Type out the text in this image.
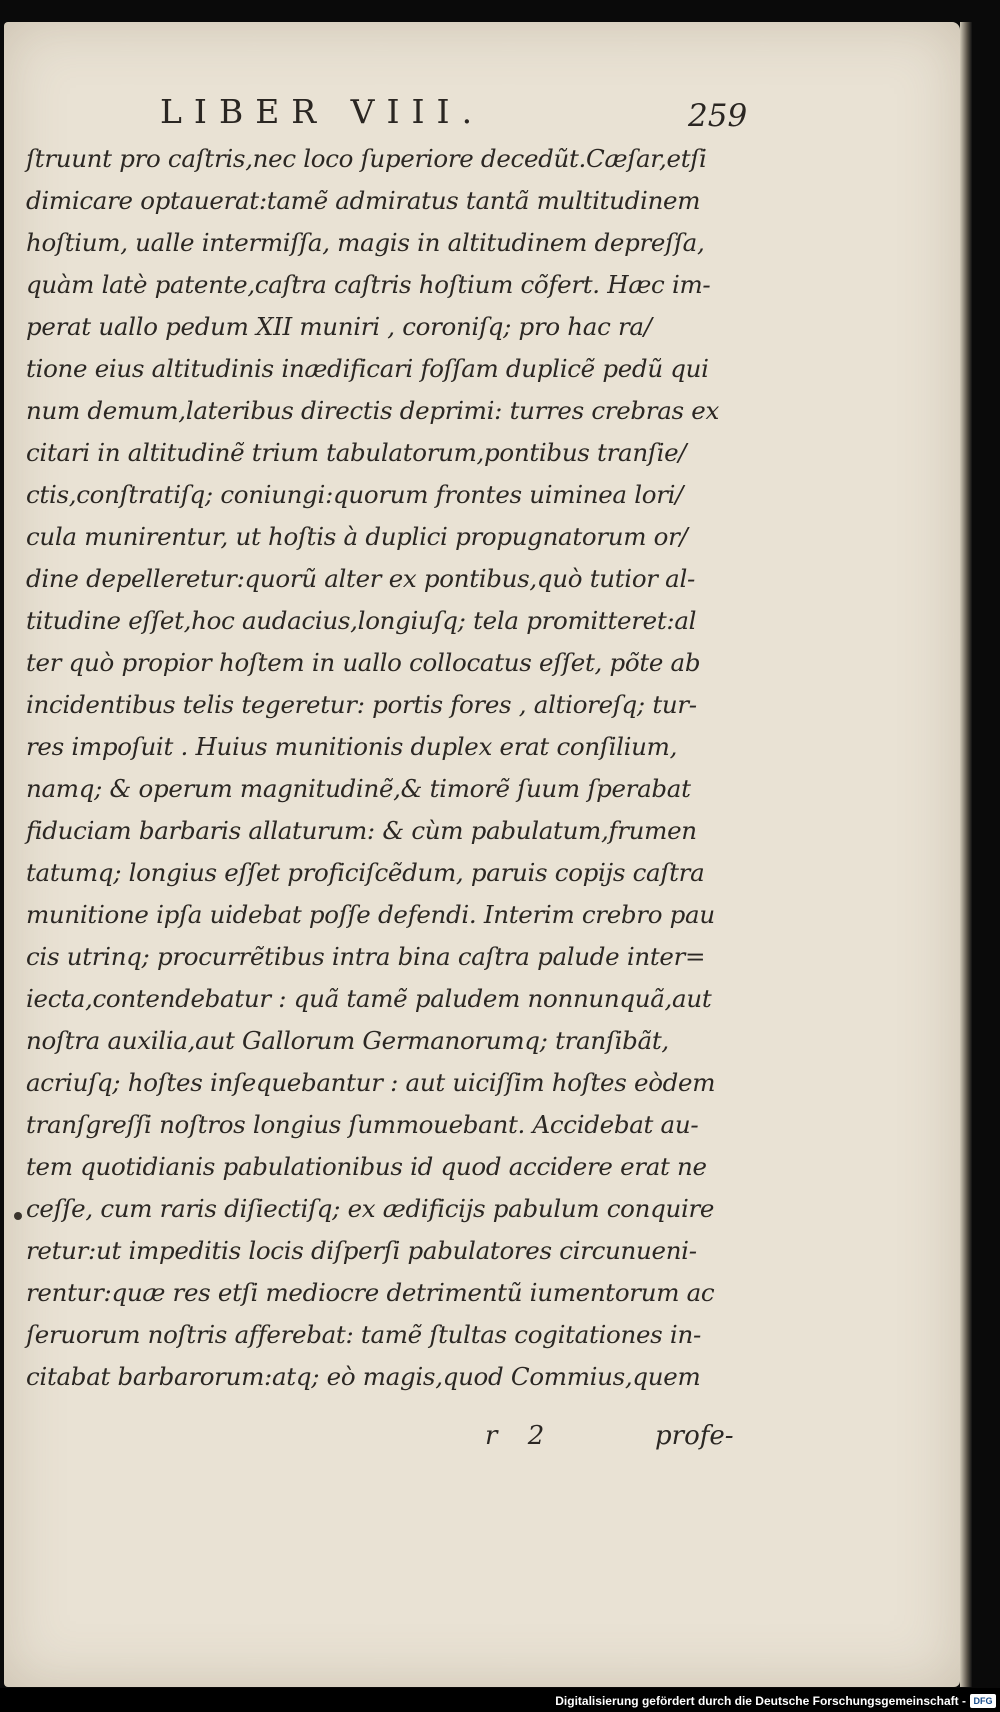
LIBER VIII.	259
ſtruunt pro caſtris,nec loco ſuperiore decedũt.Cæſar,etſi
dimicare optauerat:tamẽ admiratus tantã multitudinem
hoſtium, ualle intermiſſa, magis in altitudinem depreſſa,
quàm latè patente,caſtra caſtris hoſtium cõfert. Hæc im-
perat uallo pedum XII muniri , coroniſq; pro hac ra/
tione eius altitudinis inædificari foſſam duplicẽ pedũ qui
num demum,lateribus directis deprimi: turres crebras ex
citari in altitudinẽ trium tabulatorum,pontibus tranſie/
ctis,conſtratiſq; coniungi:quorum frontes uiminea lori/
cula munirentur, ut hoſtis à duplici propugnatorum or/
dine depelleretur:quorũ alter ex pontibus,quò tutior al-
titudine eſſet,hoc audacius,longiuſq; tela promitteret:al
ter quò propior hoſtem in uallo collocatus eſſet, põte ab
incidentibus telis tegeretur: portis fores , altioreſq; tur-
res impoſuit . Huius munitionis duplex erat conſilium,
namq; & operum magnitudinẽ,& timorẽ ſuum ſperabat
fiduciam barbaris allaturum: & cùm pabulatum,frumen
tatumq; longius eſſet proficiſcẽdum, paruis copijs caſtra
munitione ipſa uidebat poſſe defendi. Interim crebro pau
cis utrinq; procurrẽtibus intra bina caſtra palude inter=
iecta,contendebatur : quã tamẽ paludem nonnunquã,aut
noſtra auxilia,aut Gallorum Germanorumq; tranſibãt,
acriuſq; hoſtes inſequebantur : aut uiciſſim hoſtes eòdem
tranſgreſſi noſtros longius ſummouebant. Accidebat au-
tem quotidianis pabulationibus id quod accidere erat ne
ceſſe, cum raris diſiectiſq; ex ædificijs pabulum conquire
retur:ut impeditis locis diſperſi pabulatores circunueni-
rentur:quæ res etſi mediocre detrimentũ iumentorum ac
ſeruorum noſtris afferebat: tamẽ ſtultas cogitationes in-
citabat barbarorum:atq; eò magis,quod Commius,quem
r 2	profe-
Digitalisierung gefördert durch die Deutsche Forschungsgemeinschaft - DFG
